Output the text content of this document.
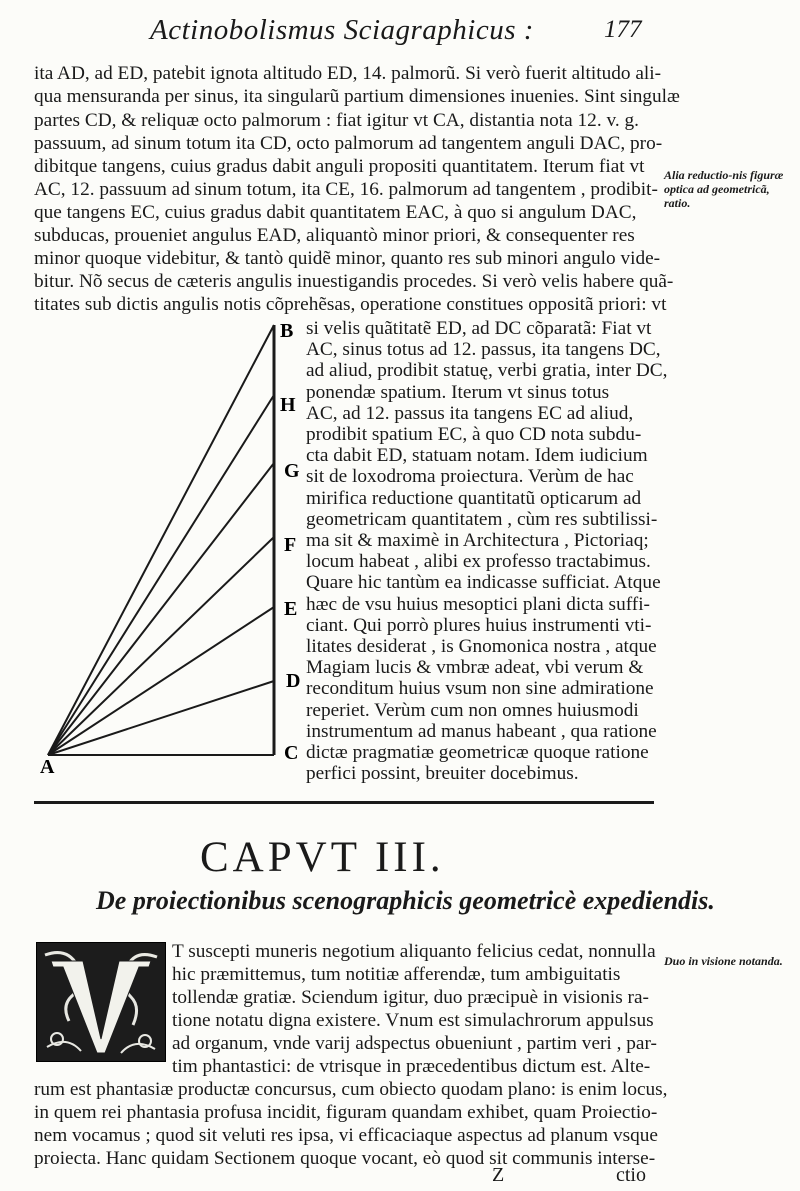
Actinobolismus Sciagraphicus :	177
ita AD, ad ED, patebit ignota altitudo ED, 14. palmorũ. Si verò fuerit altitudo ali-
qua mensuranda per sinus, ita singularũ partium dimensiones inuenies. Sint singulæ
partes CD, & reliquæ octo palmorum : fiat igitur vt CA, distantia nota 12. v. g.
passuum, ad sinum totum ita CD, octo palmorum ad tangentem anguli DAC, pro-
dibitque tangens, cuius gradus dabit anguli propositi quantitatem. Iterum fiat vt
AC, 12. passuum ad sinum totum, ita CE, 16. palmorum ad tangentem , prodibit-
que tangens EC, cuius gradus dabit quantitatem EAC, à quo si angulum DAC,
subducas, proueniet angulus EAD, aliquantò minor priori, & consequenter res
minor quoque videbitur, & tantò quidẽ minor, quanto res sub minori angulo vide-
bitur. Nõ secus de cæteris angulis inuestigandis procedes. Si verò velis habere quã-
titates sub dictis angulis notis cõprehẽsas, operatione constitues oppositã priori: vt
si velis quãtitatẽ ED, ad DC cõparatã: Fiat vt
AC, sinus totus ad 12. passus, ita tangens DC,
ad aliud, prodibit statuę, verbi gratia, inter DC,
ponendæ spatium. Iterum vt sinus totus
AC, ad 12. passus ita tangens EC ad aliud,
prodibit spatium EC, à quo CD nota subdu-
cta dabit ED, statuam notam. Idem iudicium
sit de loxodroma proiectura. Verùm de hac
mirifica reductione quantitatũ opticarum ad
geometricam quantitatem , cùm res subtilissi-
ma sit & maximè in Architectura , Pictoriaq;
locum habeat , alibi ex professo tractabimus.
Quare hic tantùm ea indicasse sufficiat. Atque
hæc de vsu huius mesoptici plani dicta suffi-
ciant. Qui porrò plures huius instrumenti vti-
litates desiderat , is Gnomonica nostra , atque
Magiam lucis & vmbræ adeat, vbi verum &
reconditum huius vsum non sine admiratione
reperiet. Verùm cum non omnes huiusmodi
instrumentum ad manus habeant , qua ratione
dictæ pragmatiæ geometricæ quoque ratione
perfici possint, breuiter docebimus.
B
H
G
F
E
D
C
A
Alia reductio-nis figuræ optica ad geometricã, ratio.
Duo in visione notanda.
CAPVT III.
De proiectionibus scenographicis geometricè expediendis.
T suscepti muneris negotium aliquanto felicius cedat, nonnulla
hic præmittemus, tum notitiæ afferendæ, tum ambiguitatis
tollendæ gratiæ. Sciendum igitur, duo præcipuè in visionis ra-
tione notatu digna existere. Vnum est simulachrorum appulsus
ad organum, vnde varij adspectus obueniunt , partim veri , par-
tim phantastici: de vtrisque in præcedentibus dictum est. Alte-
rum est phantasiæ productæ concursus, cum obiecto quodam plano: is enim locus,
in quem rei phantasia profusa incidit, figuram quandam exhibet, quam Proiectio-
nem vocamus ; quod sit veluti res ipsa, vi efficaciaque aspectus ad planum vsque
proiecta. Hanc quidam Sectionem quoque vocant, eò quod sit communis interse-
Z	ctio
